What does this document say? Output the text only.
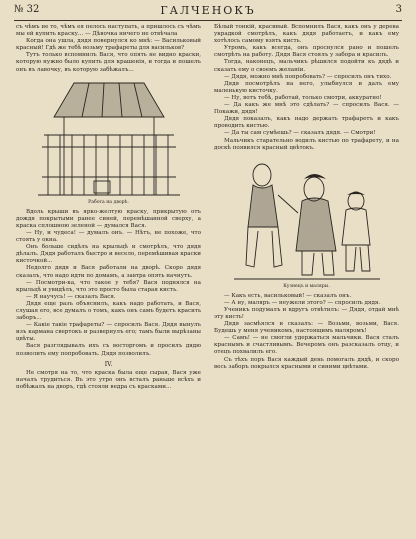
№ 32	ГАЛЧЕНОКЪ	3

съ чѣмъ не то, чѣмъ ея пелось наступать, а пришлось съ чѣмъ мы ей купить краску... — Дѣвочка ничего не отвѣчала

Когда она ушла, дядя повернулся ко мнѣ: — Васильковый красный! Гдѣ же тебѣ возьму трафареты для васильков?

Тутъ только вспомнилъ Вася, что опять не видно краски, которую нужно было купить для крашенія, и тогда и пошелъ онъ въ лавочку, въ которую забѣжалъ...

Работа на дворѣ.

Вдоль крыши въ ярко-желтую краску, прикрытую отъ дождя покрытыми ранее синей, перемѣшанной сверху, а краска сплошною зеленой — думался Вася.

— Ну, и чудеса! — думалъ онъ. — Нѣтъ, не похоже, что стоять у окна.

Онъ больше сидѣлъ на крыльцѣ и смотрѣлъ, что дядя дѣлалъ. Дядя работалъ быстро и весело, перемѣшивая краски кисточкой...

Недолго дядя и Вася работали на дворѣ. Скоро дядя сказалъ, что надо идти по домамъ, а завтра опять начнутъ.

— Посмотри-ка, что такое у тебя? Вася поднялся на крыльцѣ и увидѣлъ, что это просто была старая кисть.

— Я научусь! — сказалъ Вася.

Дядя еще разъ объяснилъ, какъ надо работать, и Вася, слушая его, все думалъ о томъ, какъ онъ самъ будетъ красить заборъ...

— Какіе такіе трафареты? — спросилъ Вася. Дядя вынулъ изъ кармана свертокъ и развернулъ его; тамъ были вырѣзаны цвѣты.

Вася разглядывалъ ихъ съ восторгомъ и просилъ дядю позволить ему попробовать. Дядя позволилъ.

IV.

Не смотря на то, что краска была еще сырая, Вася уже началъ трудиться. Въ это утро онъ всталъ раньше всѣхъ и побѣжалъ на дворъ, гдѣ стояли ведра съ красками...

Бѣлый тонкій, красивый. Вспомнилъ Вася, какъ онъ у дерева украдкой смотрѣлъ, какъ дядя работаетъ, и какъ ему хотѣлось самому взять кисть.

Утромъ, какъ всегда, онъ проснулся рано и пошелъ смотрѣть на работу. Дядя Вася стоялъ у забора и красилъ.

Тогда, наконецъ, мальчикъ рѣшился подойти къ дядѣ и сказать ему о своемъ желаніи.

— Дядя, можно мнѣ попробовать? — спросилъ онъ тихо.

Дядя посмотрѣлъ на него, улыбнулся и далъ ему маленькую кисточку.

— Ну, вотъ тебѣ, работай, только смотри, аккуратно!

— Да какъ же мнѣ это сдѣлать? — спросилъ Вася. — Покажи, дядя!

Дядя показалъ, какъ надо держать трафаретъ и какъ проводить кистью.

— Да ты сам сумѣешь? — сказалъ дядя. — Смотри!

Мальчикъ старательно водилъ кистью по трафарету, и на доскѣ появился красный цвѣтокъ.

Кузнецъ и маляры.

— Какъ есть, васильковый! — сказалъ онъ.

— А ну, маляръ — неужели этого? — спросилъ дядя.

Ученикъ подумалъ и вдругъ отвѣтилъ: — Дядя, отдай мнѣ эту кисть!

Дядя засмѣялся и сказалъ: — Возьми, возьми, Вася. Будешь у меня ученикомъ, настоящимъ маляромъ!

— Самъ! — не смогли удержаться мальчики. Вася сталъ краснымъ и счастливымъ. Вечеромъ онъ разсказалъ отцу, и отецъ похвалилъ его.

Съ тѣхъ поръ Вася каждый день помогалъ дядѣ, и скоро весь заборъ покрылся красными и синими цвѣтами.
